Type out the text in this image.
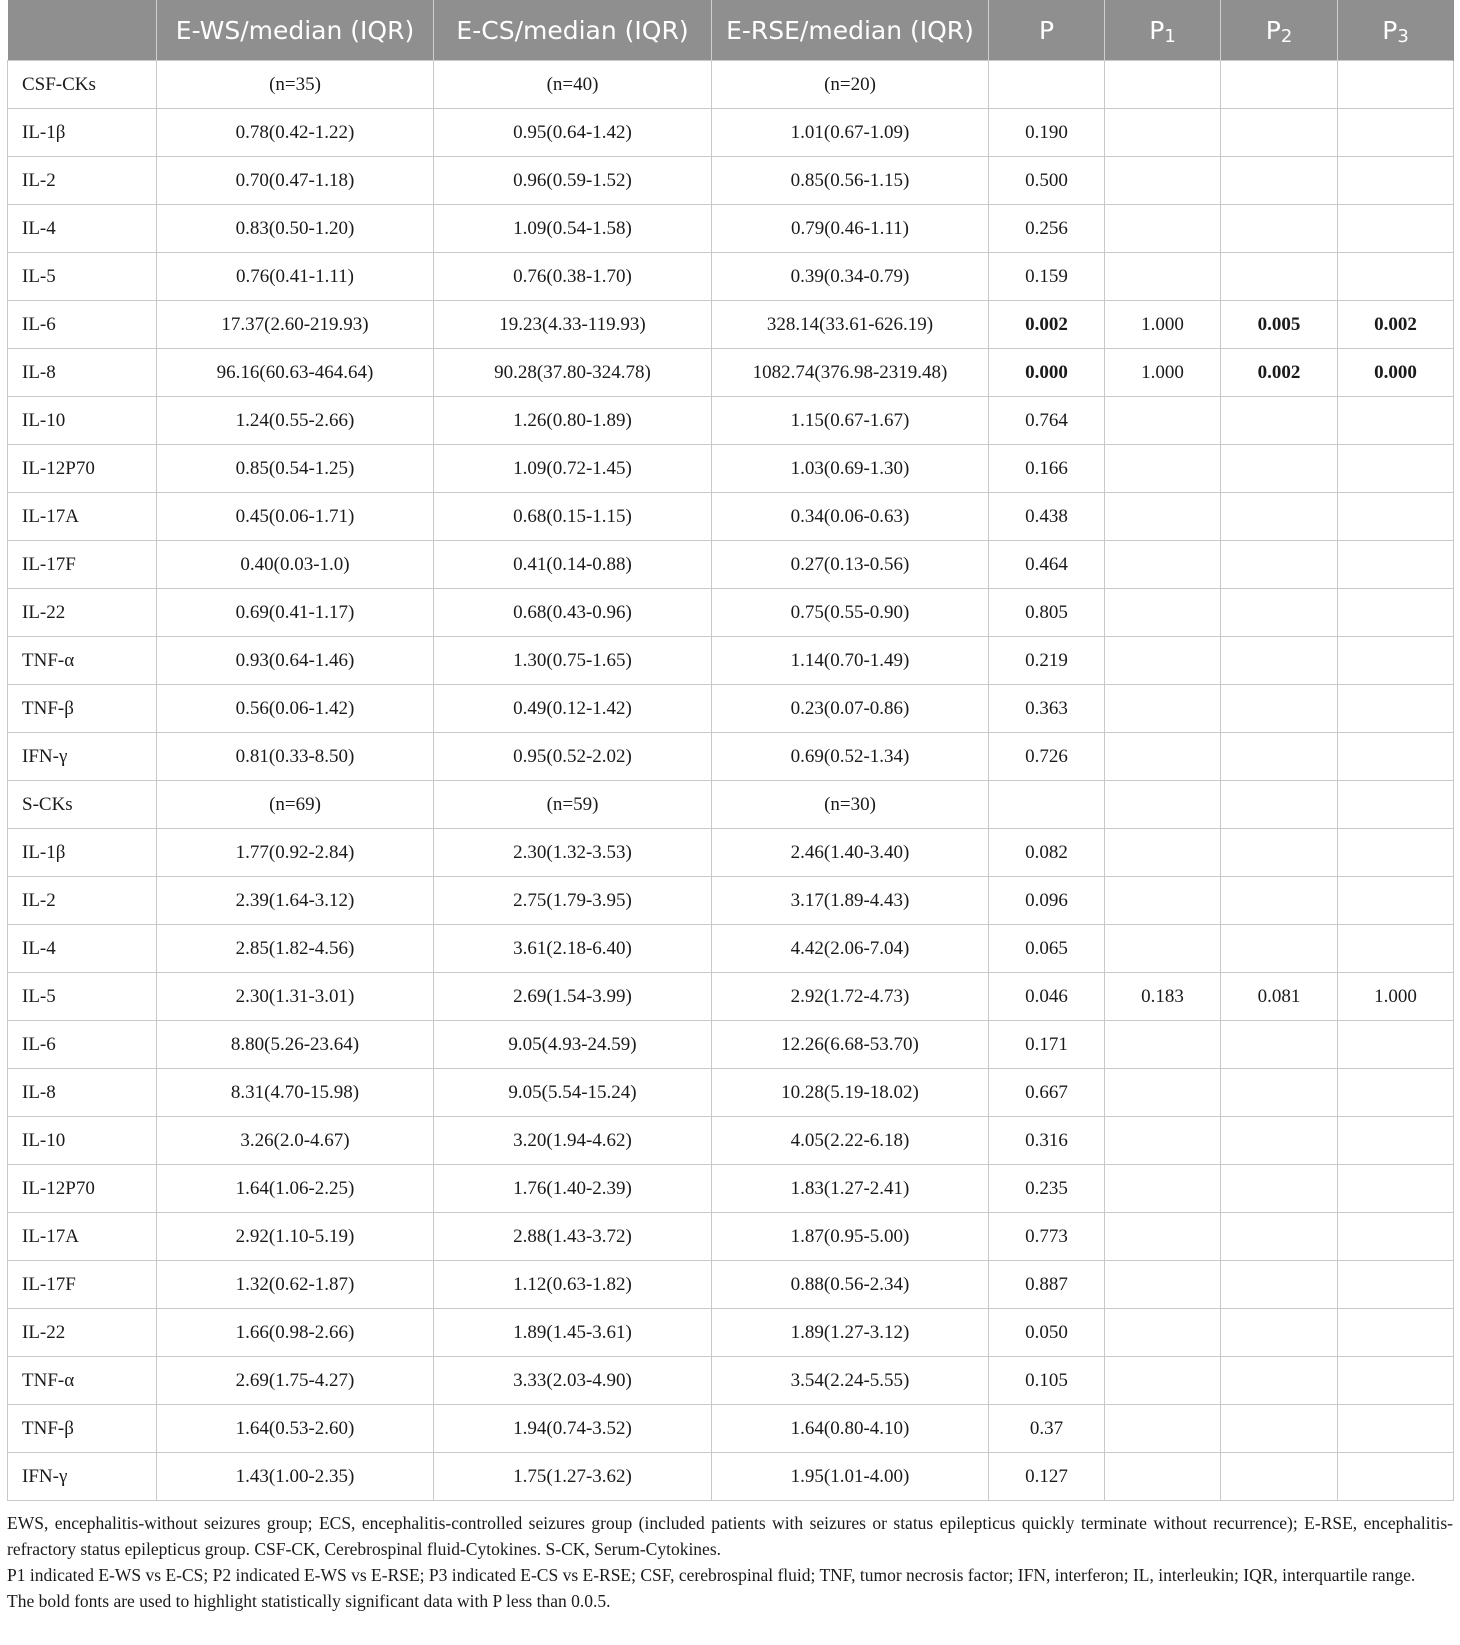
	E-WS/median (IQR)	E-CS/median (IQR)	E-RSE/median (IQR)	P	$P_1$	$P_2$	$P_3$
CSF-CKs	(n=35)	(n=40)	(n=20)				
IL-1β	0.78(0.42-1.22)	0.95(0.64-1.42)	1.01(0.67-1.09)	0.190			
IL-2	0.70(0.47-1.18)	0.96(0.59-1.52)	0.85(0.56-1.15)	0.500			
IL-4	0.83(0.50-1.20)	1.09(0.54-1.58)	0.79(0.46-1.11)	0.256			
IL-5	0.76(0.41-1.11)	0.76(0.38-1.70)	0.39(0.34-0.79)	0.159			
IL-6	17.37(2.60-219.93)	19.23(4.33-119.93)	328.14(33.61-626.19)	0.002	1.000	0.005	0.002
IL-8	96.16(60.63-464.64)	90.28(37.80-324.78)	1082.74(376.98-2319.48)	0.000	1.000	0.002	0.000
IL-10	1.24(0.55-2.66)	1.26(0.80-1.89)	1.15(0.67-1.67)	0.764			
IL-12P70	0.85(0.54-1.25)	1.09(0.72-1.45)	1.03(0.69-1.30)	0.166			
IL-17A	0.45(0.06-1.71)	0.68(0.15-1.15)	0.34(0.06-0.63)	0.438			
IL-17F	0.40(0.03-1.0)	0.41(0.14-0.88)	0.27(0.13-0.56)	0.464			
IL-22	0.69(0.41-1.17)	0.68(0.43-0.96)	0.75(0.55-0.90)	0.805			
TNF-α	0.93(0.64-1.46)	1.30(0.75-1.65)	1.14(0.70-1.49)	0.219			
TNF-β	0.56(0.06-1.42)	0.49(0.12-1.42)	0.23(0.07-0.86)	0.363			
IFN-γ	0.81(0.33-8.50)	0.95(0.52-2.02)	0.69(0.52-1.34)	0.726			
S-CKs	(n=69)	(n=59)	(n=30)				
IL-1β	1.77(0.92-2.84)	2.30(1.32-3.53)	2.46(1.40-3.40)	0.082			
IL-2	2.39(1.64-3.12)	2.75(1.79-3.95)	3.17(1.89-4.43)	0.096			
IL-4	2.85(1.82-4.56)	3.61(2.18-6.40)	4.42(2.06-7.04)	0.065			
IL-5	2.30(1.31-3.01)	2.69(1.54-3.99)	2.92(1.72-4.73)	0.046	0.183	0.081	1.000
IL-6	8.80(5.26-23.64)	9.05(4.93-24.59)	12.26(6.68-53.70)	0.171			
IL-8	8.31(4.70-15.98)	9.05(5.54-15.24)	10.28(5.19-18.02)	0.667			
IL-10	3.26(2.0-4.67)	3.20(1.94-4.62)	4.05(2.22-6.18)	0.316			
IL-12P70	1.64(1.06-2.25)	1.76(1.40-2.39)	1.83(1.27-2.41)	0.235			
IL-17A	2.92(1.10-5.19)	2.88(1.43-3.72)	1.87(0.95-5.00)	0.773			
IL-17F	1.32(0.62-1.87)	1.12(0.63-1.82)	0.88(0.56-2.34)	0.887			
IL-22	1.66(0.98-2.66)	1.89(1.45-3.61)	1.89(1.27-3.12)	0.050			
TNF-α	2.69(1.75-4.27)	3.33(2.03-4.90)	3.54(2.24-5.55)	0.105			
TNF-β	1.64(0.53-2.60)	1.94(0.74-3.52)	1.64(0.80-4.10)	0.37			
IFN-γ	1.43(1.00-2.35)	1.75(1.27-3.62)	1.95(1.01-4.00)	0.127			

EWS, encephalitis-without seizures group; ECS, encephalitis-controlled seizures group (included patients with seizures or status epilepticus quickly terminate without recurrence); E-RSE, encephalitis-refractory status epilepticus group. CSF-CK, Cerebrospinal fluid-Cytokines. S-CK, Serum-Cytokines.

P1 indicated E-WS vs E-CS; P2 indicated E-WS vs E-RSE; P3 indicated E-CS vs E-RSE; CSF, cerebrospinal fluid; TNF, tumor necrosis factor; IFN, interferon; IL, interleukin; IQR, interquartile range.

The bold fonts are used to highlight statistically significant data with P less than 0.0.5.
